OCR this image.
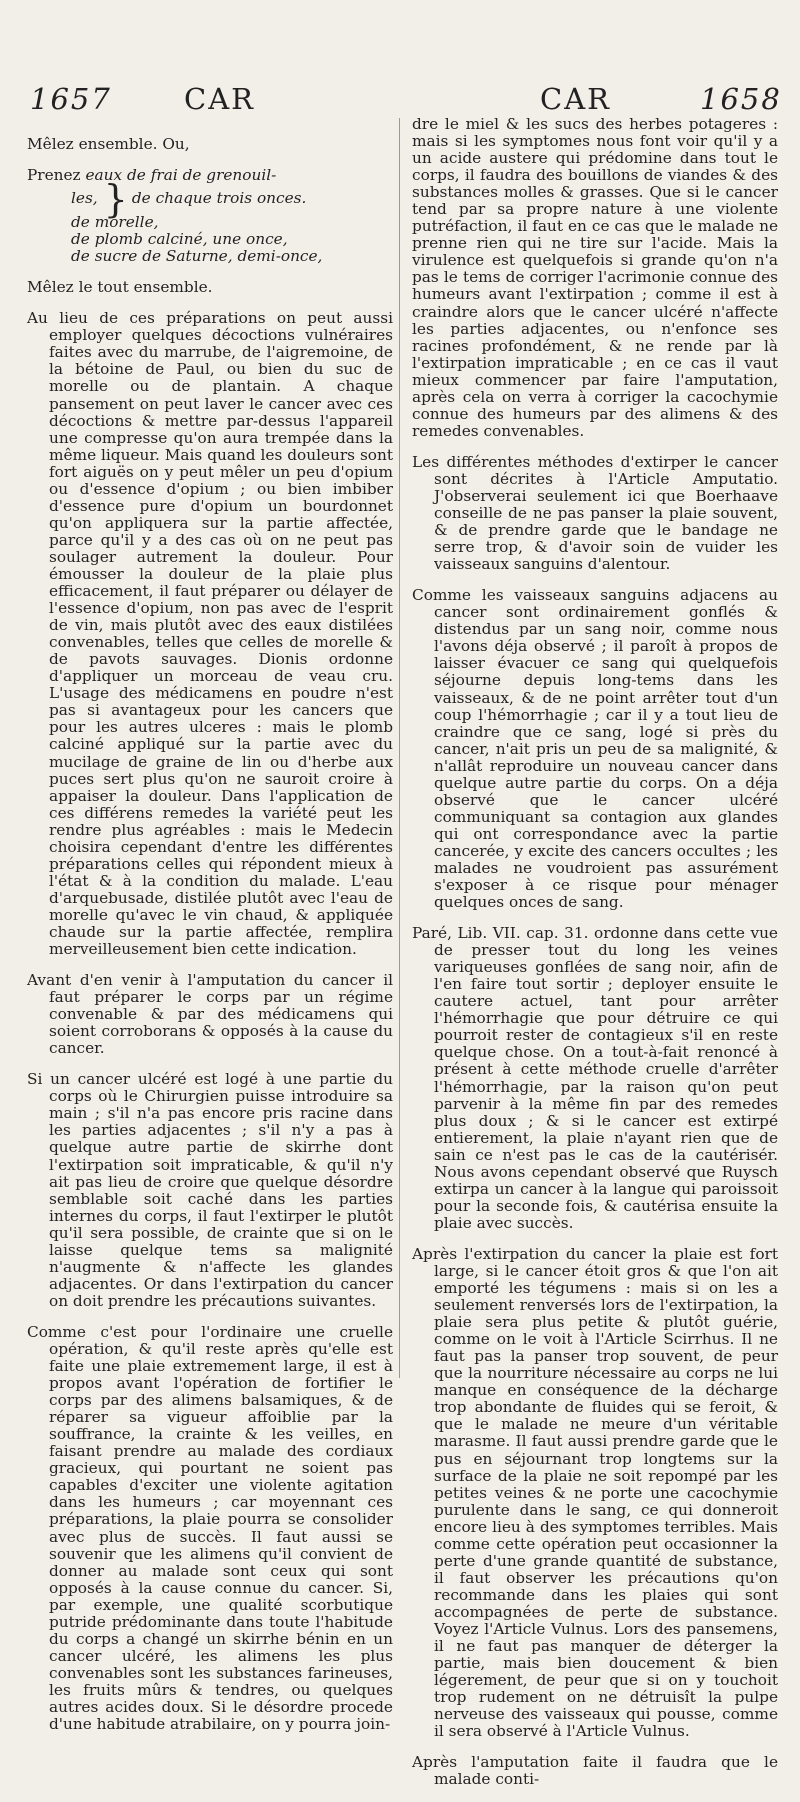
1657 CAR	CAR	1658

Mêlez ensemble. Ou,

Prenez eaux de frai de grenouil-
les, } de chaque trois onces.
de morelle,
de plomb calciné, une once,
de sucre de Saturne, demi-once,

Mêlez le tout ensemble.

Au lieu de ces préparations on peut aussi employer quelques décoctions vulnéraires faites avec du marrube, de l'aigremoine, de la bétoine de Paul, ou bien du suc de morelle ou de plantain. A chaque pansement on peut laver le cancer avec ces décoctions & mettre par-dessus l'appareil une compresse qu'on aura trempée dans la même liqueur. Mais quand les douleurs sont fort aiguës on y peut mêler un peu d'opium ou d'essence d'opium ; ou bien imbiber d'essence pure d'opium un bourdonnet qu'on appliquera sur la partie affectée, parce qu'il y a des cas où on ne peut pas soulager autrement la douleur. Pour émousser la douleur de la plaie plus efficacement, il faut préparer ou délayer de l'essence d'opium, non pas avec de l'esprit de vin, mais plutôt avec des eaux distilées convenables, telles que celles de morelle & de pavots sauvages. Dionis ordonne d'appliquer un morceau de veau cru. L'usage des médicamens en poudre n'est pas si avantageux pour les cancers que pour les autres ulceres : mais le plomb calciné appliqué sur la partie avec du mucilage de graine de lin ou d'herbe aux puces sert plus qu'on ne sauroit croire à appaiser la douleur. Dans l'application de ces différens remedes la variété peut les rendre plus agréables : mais le Medecin choisira cependant d'entre les différentes préparations celles qui répondent mieux à l'état & à la condition du malade. L'eau d'arquebusade, distilée plutôt avec l'eau de morelle qu'avec le vin chaud, & appliquée chaude sur la partie affectée, remplira merveilleusement bien cette indication.

Avant d'en venir à l'amputation du cancer il faut préparer le corps par un régime convenable & par des médicamens qui soient corroborans & opposés à la cause du cancer.

Si un cancer ulcéré est logé à une partie du corps où le Chirurgien puisse introduire sa main ; s'il n'a pas encore pris racine dans les parties adjacentes ; s'il n'y a pas à quelque autre partie de skirrhe dont l'extirpation soit impraticable, & qu'il n'y ait pas lieu de croire que quelque désordre semblable soit caché dans les parties internes du corps, il faut l'extirper le plutôt qu'il sera possible, de crainte que si on le laisse quelque tems sa malignité n'augmente & n'affecte les glandes adjacentes. Or dans l'extirpation du cancer on doit prendre les précautions suivantes.

Comme c'est pour l'ordinaire une cruelle opération, & qu'il reste après qu'elle est faite une plaie extremement large, il est à propos avant l'opération de fortifier le corps par des alimens balsamiques, & de réparer sa vigueur affoiblie par la souffrance, la crainte & les veilles, en faisant prendre au malade des cordiaux gracieux, qui pourtant ne soient pas capables d'exciter une violente agitation dans les humeurs ; car moyennant ces préparations, la plaie pourra se consolider avec plus de succès. Il faut aussi se souvenir que les alimens qu'il convient de donner au malade sont ceux qui sont opposés à la cause connue du cancer. Si, par exemple, une qualité scorbutique putride prédominante dans toute l'habitude du corps a changé un skirrhe bénin en un cancer ulcéré, les alimens les plus convenables sont les substances farineuses, les fruits mûrs & tendres, ou quelques autres acides doux. Si le désordre procede d'une habitude atrabilaire, on y pourra join-

dre le miel & les sucs des herbes potageres : mais si les symptomes nous font voir qu'il y a un acide austere qui prédomine dans tout le corps, il faudra des bouillons de viandes & des substances molles & grasses. Que si le cancer tend par sa propre nature à une violente putréfaction, il faut en ce cas que le malade ne prenne rien qui ne tire sur l'acide. Mais la virulence est quelquefois si grande qu'on n'a pas le tems de corriger l'acrimonie connue des humeurs avant l'extirpation ; comme il est à craindre alors que le cancer ulcéré n'affecte les parties adjacentes, ou n'enfonce ses racines profondément, & ne rende par là l'extirpation impraticable ; en ce cas il vaut mieux commencer par faire l'amputation, après cela on verra à corriger la cacochymie connue des humeurs par des alimens & des remedes convenables.

Les différentes méthodes d'extirper le cancer sont décrites à l'Article Amputatio. J'observerai seulement ici que Boerhaave conseille de ne pas panser la plaie souvent, & de prendre garde que le bandage ne serre trop, & d'avoir soin de vuider les vaisseaux sanguins d'alentour.

Comme les vaisseaux sanguins adjacens au cancer sont ordinairement gonflés & distendus par un sang noir, comme nous l'avons déja observé ; il paroît à propos de laisser évacuer ce sang qui quelquefois séjourne depuis long-tems dans les vaisseaux, & de ne point arrêter tout d'un coup l'hémorrhagie ; car il y a tout lieu de craindre que ce sang, logé si près du cancer, n'ait pris un peu de sa malignité, & n'allât reproduire un nouveau cancer dans quelque autre partie du corps. On a déja observé que le cancer ulcéré communiquant sa contagion aux glandes qui ont correspondance avec la partie cancerée, y excite des cancers occultes ; les malades ne voudroient pas assurément s'exposer à ce risque pour ménager quelques onces de sang.

Paré, Lib. VII. cap. 31. ordonne dans cette vue de presser tout du long les veines variqueuses gonflées de sang noir, afin de l'en faire tout sortir ; deployer ensuite le cautere actuel, tant pour arrêter l'hémorrhagie que pour détruire ce qui pourroit rester de contagieux s'il en reste quelque chose. On a tout-à-fait renoncé à présent à cette méthode cruelle d'arrêter l'hémorrhagie, par la raison qu'on peut parvenir à la même fin par des remedes plus doux ; & si le cancer est extirpé entierement, la plaie n'ayant rien que de sain ce n'est pas le cas de la cautérisér. Nous avons cependant observé que Ruysch extirpa un cancer à la langue qui paroissoit pour la seconde fois, & cautérisa ensuite la plaie avec succès.

Après l'extirpation du cancer la plaie est fort large, si le cancer étoit gros & que l'on ait emporté les tégumens : mais si on les a seulement renversés lors de l'extirpation, la plaie sera plus petite & plutôt guérie, comme on le voit à l'Article Scirrhus. Il ne faut pas la panser trop souvent, de peur que la nourriture nécessaire au corps ne lui manque en conséquence de la décharge trop abondante de fluides qui se feroit, & que le malade ne meure d'un véritable marasme. Il faut aussi prendre garde que le pus en séjournant trop longtems sur la surface de la plaie ne soit repompé par les petites veines & ne porte une cacochymie purulente dans le sang, ce qui donneroit encore lieu à des symptomes terribles. Mais comme cette opération peut occasionner la perte d'une grande quantité de substance, il faut observer les précautions qu'on recommande dans les plaies qui sont accompagnées de perte de substance. Voyez l'Article Vulnus. Lors des pansemens, il ne faut pas manquer de déterger la partie, mais bien doucement & bien légerement, de peur que si on y touchoit trop rudement on ne détruisît la pulpe nerveuse des vaisseaux qui pousse, comme il sera observé à l'Article Vulnus.

Après l'amputation faite il faudra que le malade conti-
